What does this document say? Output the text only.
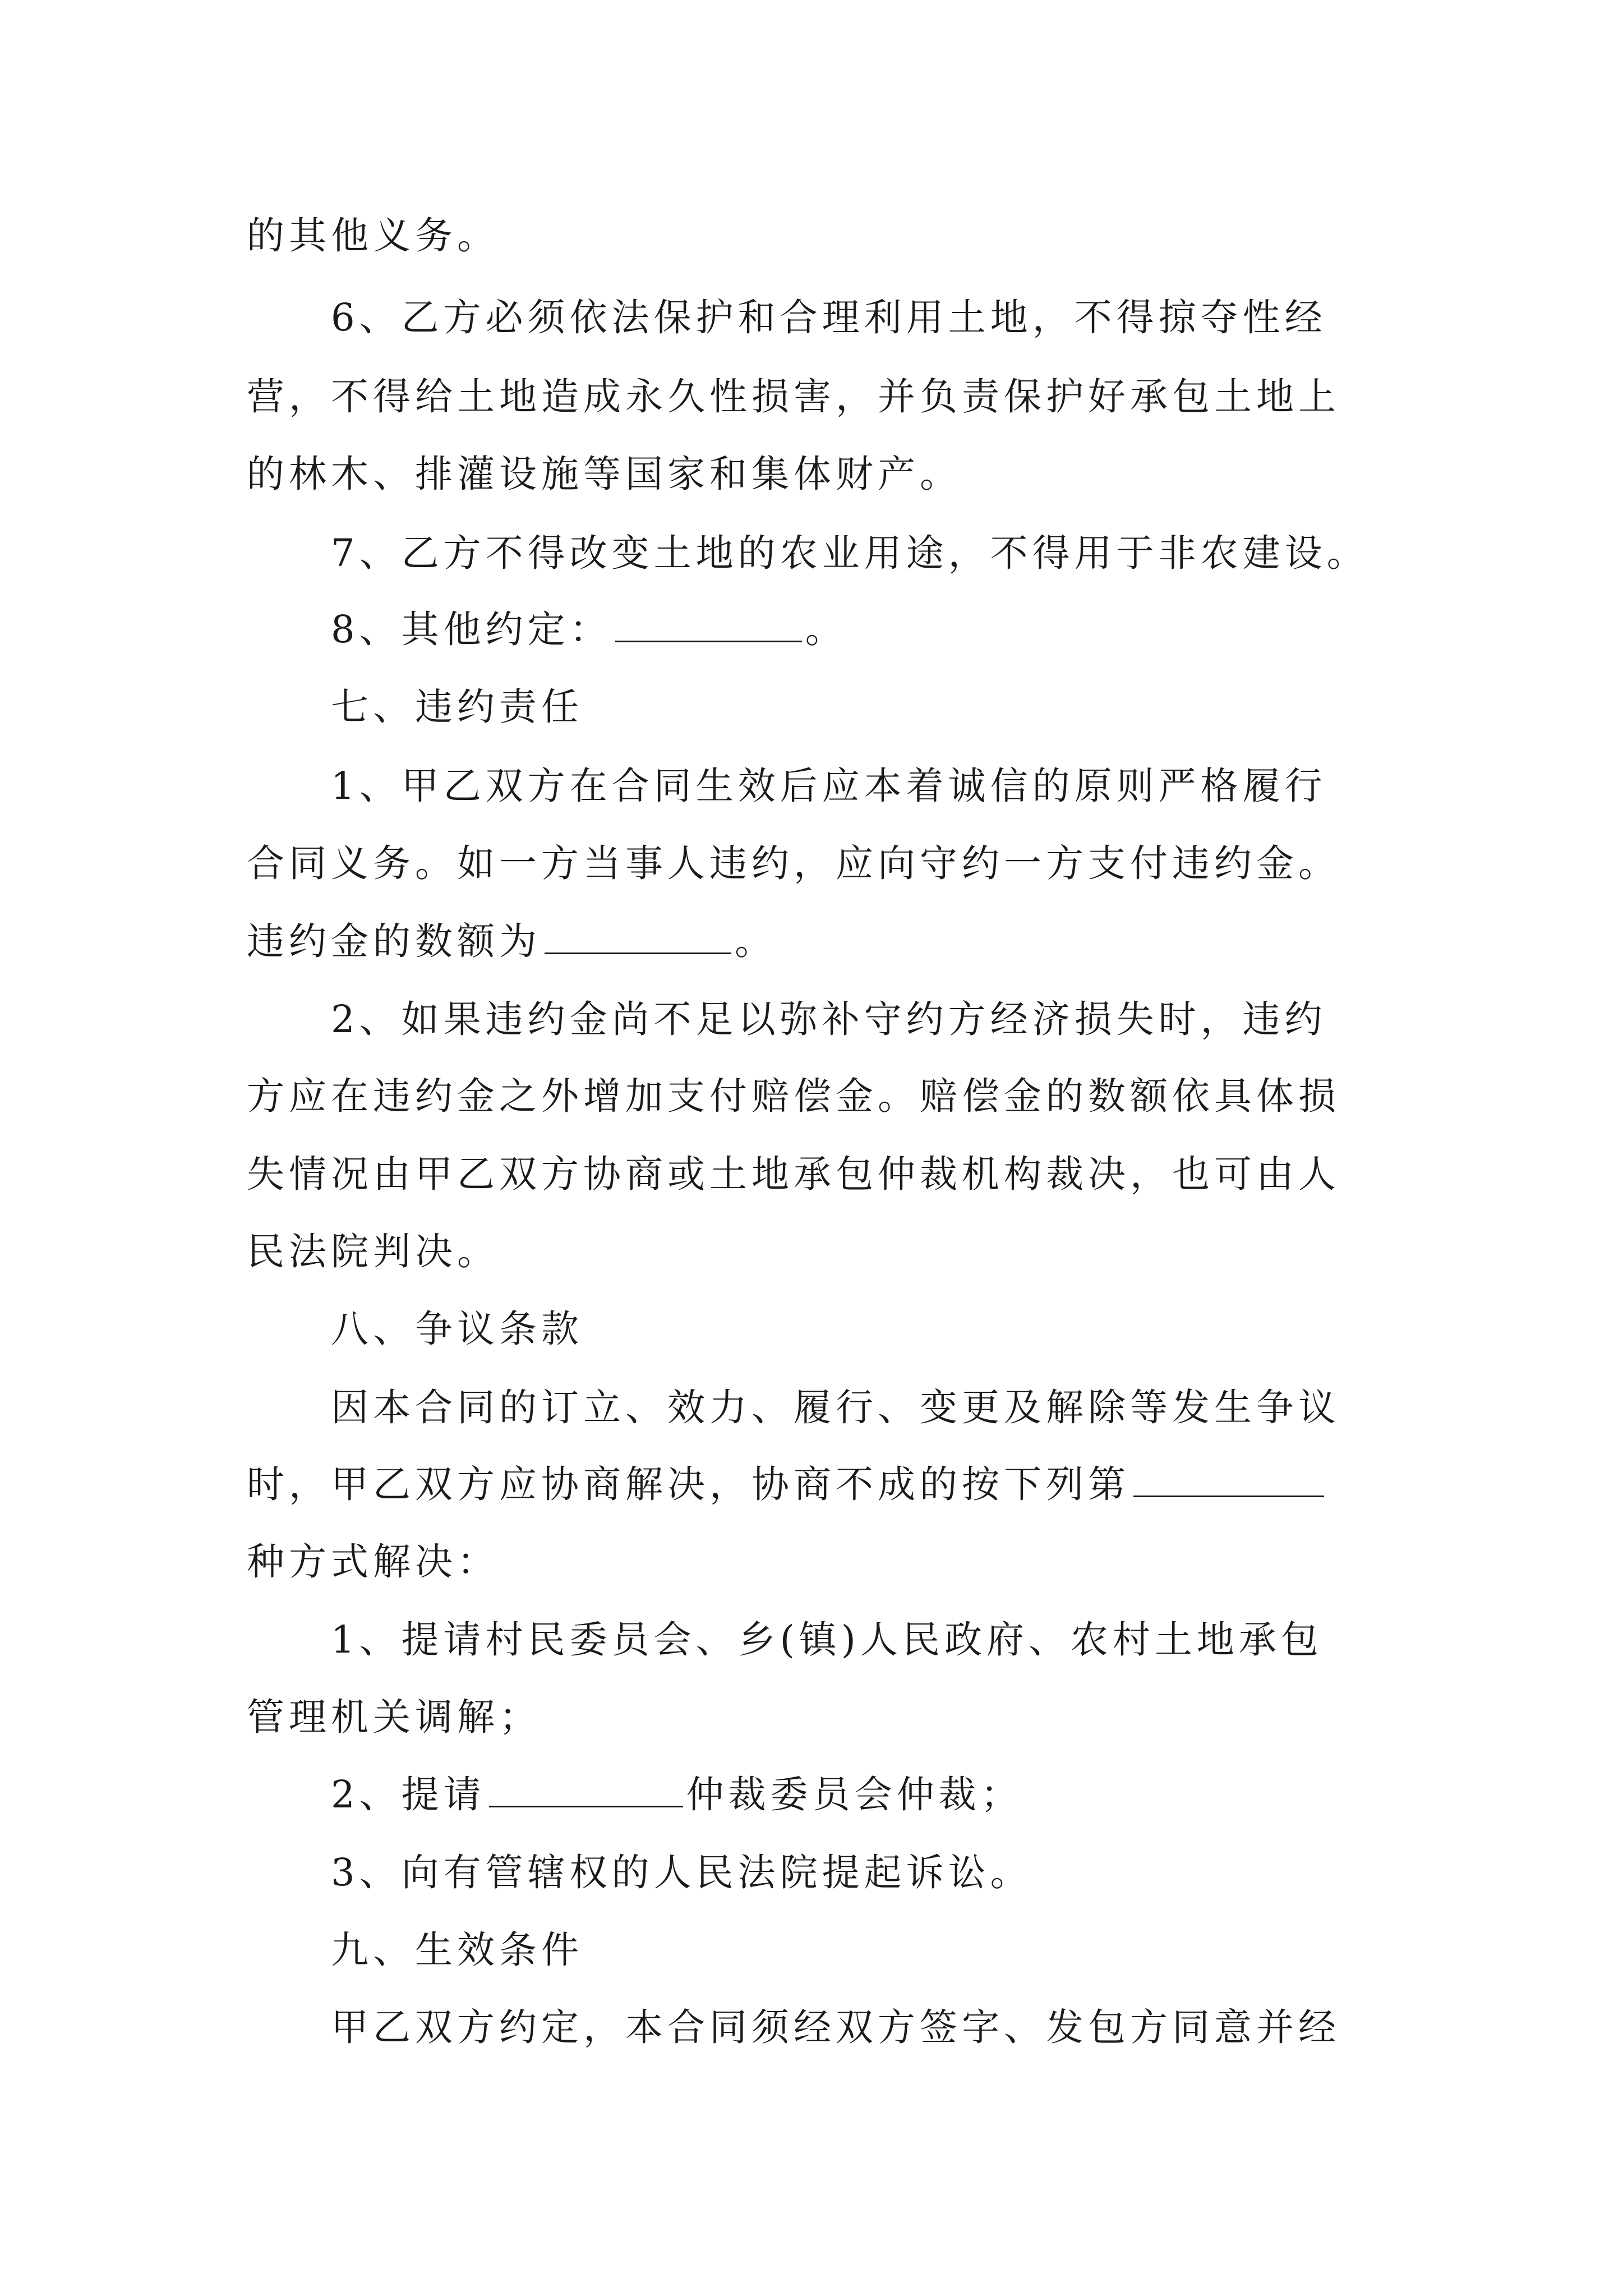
的其他义务。
6、乙方必须依法保护和合理利用土地，不得掠夺性经
营，不得给土地造成永久性损害，并负责保护好承包土地上
的林木、排灌设施等国家和集体财产。
7、乙方不得改变土地的农业用途，不得用于非农建设。
8、其他约定：	。
七、违约责任
1、甲乙双方在合同生效后应本着诚信的原则严格履行
合同义务。如一方当事人违约，应向守约一方支付违约金。
违约金的数额为	。
2、如果违约金尚不足以弥补守约方经济损失时，违约
方应在违约金之外增加支付赔偿金。赔偿金的数额依具体损
失情况由甲乙双方协商或土地承包仲裁机构裁决，也可由人
民法院判决。
八、争议条款
因本合同的订立、效力、履行、变更及解除等发生争议
时，甲乙双方应协商解决，协商不成的按下列第
种方式解决：
1、提请村民委员会、乡(镇)人民政府、农村土地承包
管理机关调解；
2、提请	仲裁委员会仲裁；
3、向有管辖权的人民法院提起诉讼。
九、生效条件
甲乙双方约定，本合同须经双方签字、发包方同意并经
